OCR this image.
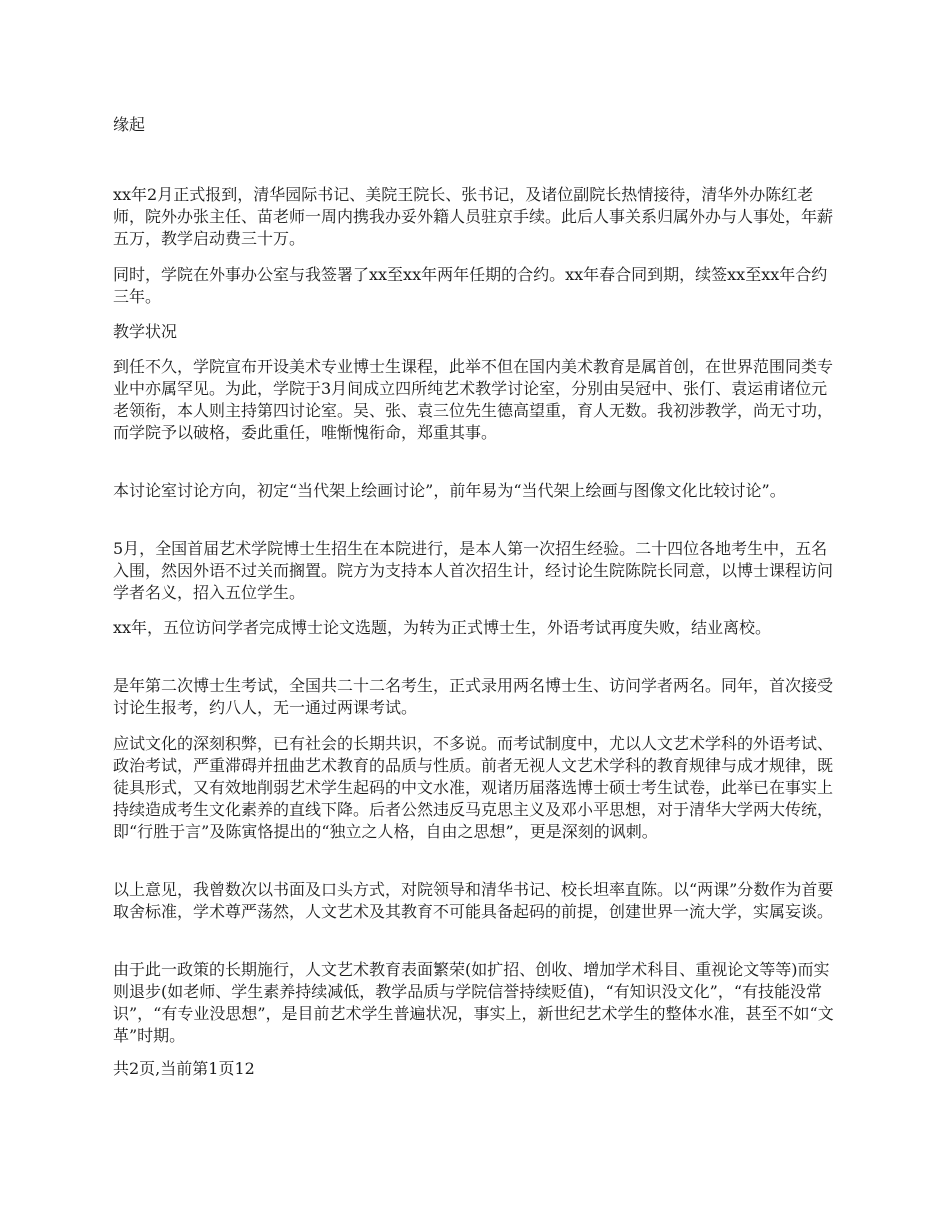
缘起

xx年2月正式报到，清华园际书记、美院王院长、张书记，及诸位副院长热情接待，清华外办陈红老师，院外办张主任、苗老师一周内携我办妥外籍人员驻京手续。此后人事关系归属外办与人事处，年薪五万，教学启动费三十万。

同时，学院在外事办公室与我签署了xx至xx年两年任期的合约。xx年春合同到期，续签xx至xx年合约三年。

教学状况

到任不久，学院宣布开设美术专业博士生课程，此举不但在国内美术教育是属首创，在世界范围同类专业中亦属罕见。为此，学院于3月间成立四所纯艺术教学讨论室，分别由吴冠中、张仃、袁运甫诸位元老领衔，本人则主持第四讨论室。吴、张、袁三位先生德高望重，育人无数。我初涉教学，尚无寸功，而学院予以破格，委此重任，唯惭愧衔命，郑重其事。

本讨论室讨论方向，初定“当代架上绘画讨论”，前年易为“当代架上绘画与图像文化比较讨论”。

5月，全国首届艺术学院博士生招生在本院进行，是本人第一次招生经验。二十四位各地考生中，五名入围，然因外语不过关而搁置。院方为支持本人首次招生计，经讨论生院陈院长同意，以博士课程访问学者名义，招入五位学生。

xx年，五位访问学者完成博士论文选题，为转为正式博士生，外语考试再度失败，结业离校。

是年第二次博士生考试，全国共二十二名考生，正式录用两名博士生、访问学者两名。同年，首次接受讨论生报考，约八人，无一通过两课考试。

应试文化的深刻积弊，已有社会的长期共识，不多说。而考试制度中，尤以人文艺术学科的外语考试、政治考试，严重滞碍并扭曲艺术教育的品质与性质。前者无视人文艺术学科的教育规律与成才规律，既徒具形式，又有效地削弱艺术学生起码的中文水准，观诸历届落选博士硕士考生试卷，此举已在事实上持续造成考生文化素养的直线下降。后者公然违反马克思主义及邓小平思想，对于清华大学两大传统，即“行胜于言”及陈寅恪提出的“独立之人格，自由之思想”，更是深刻的讽刺。

以上意见，我曾数次以书面及口头方式，对院领导和清华书记、校长坦率直陈。以“两课”分数作为首要取舍标准，学术尊严荡然，人文艺术及其教育不可能具备起码的前提，创建世界一流大学，实属妄谈。

由于此一政策的长期施行，人文艺术教育表面繁荣(如扩招、创收、增加学术科目、重视论文等等)而实则退步(如老师、学生素养持续减低，教学品质与学院信誉持续贬值)，“有知识没文化”，“有技能没常识”，“有专业没思想”，是目前艺术学生普遍状况，事实上，新世纪艺术学生的整体水准，甚至不如“文革”时期。

共2页,当前第1页12
